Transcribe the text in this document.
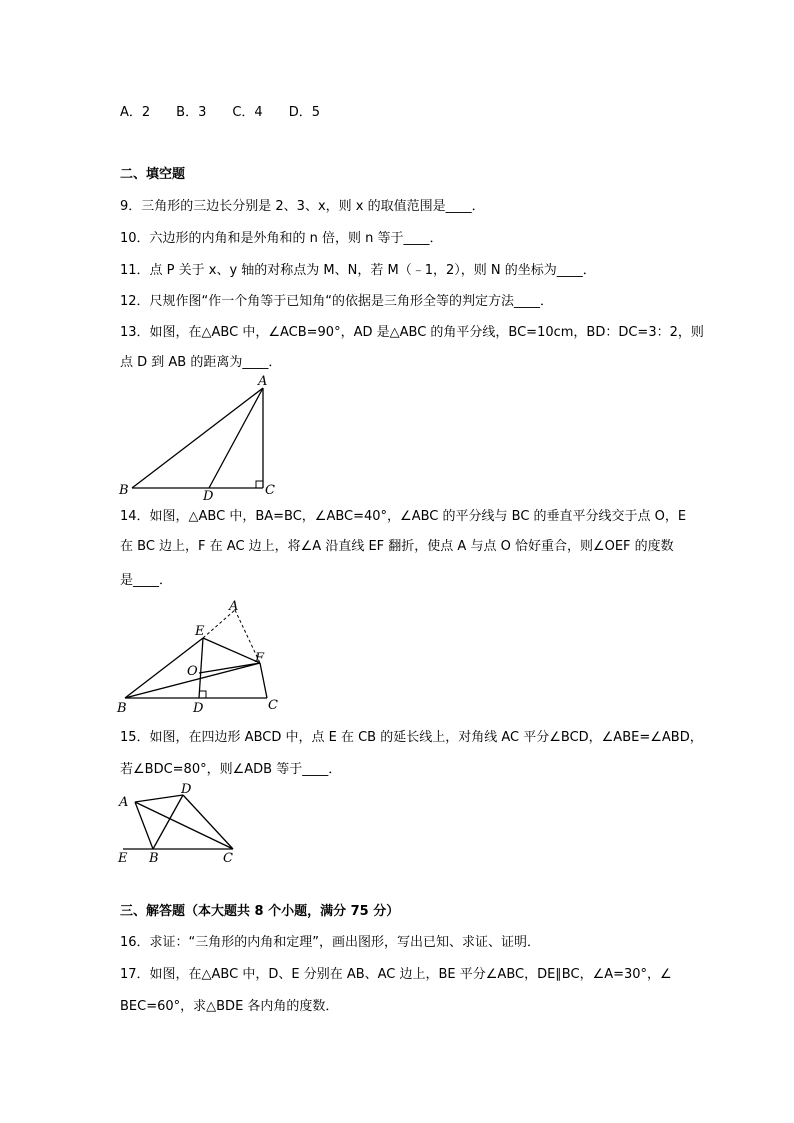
A．2　　B．3　　C．4　　D．5
二、填空题
9．三角形的三边长分别是 2、3、x，则 x 的取值范围是____．
10．六边形的内角和是外角和的 n 倍，则 n 等于____．
11．点 P 关于 x、y 轴的对称点为 M、N，若 M（﹣1，2），则 N 的坐标为____．
12．尺规作图“作一个角等于已知角“的依据是三角形全等的判定方法____．
13．如图，在△ABC 中，∠ACB=90°，AD 是△ABC 的角平分线，BC=10cm，BD：DC=3：2，则
点 D 到 AB 的距离为____．
A
B	C
D
14．如图，△ABC 中，BA=BC，∠ABC=40°，∠ABC 的平分线与 BC 的垂直平分线交于点 O，E
在 BC 边上，F 在 AC 边上，将∠A 沿直线 EF 翻折，使点 A 与点 O 恰好重合，则∠OEF 的度数
是____．
A
B	C
D
E
F
O
15．如图，在四边形 ABCD 中，点 E 在 CB 的延长线上，对角线 AC 平分∠BCD，∠ABE=∠ABD，
若∠BDC=80°，则∠ADB 等于____．
A
B	C
D
E
三、解答题（本大题共 8 个小题，满分 75 分）
16．求证：“三角形的内角和定理”，画出图形，写出已知、求证、证明．
17．如图，在△ABC 中，D、E 分别在 AB、AC 边上，BE 平分∠ABC，DE∥BC，∠A=30°，∠
BEC=60°，求△BDE 各内角的度数．
